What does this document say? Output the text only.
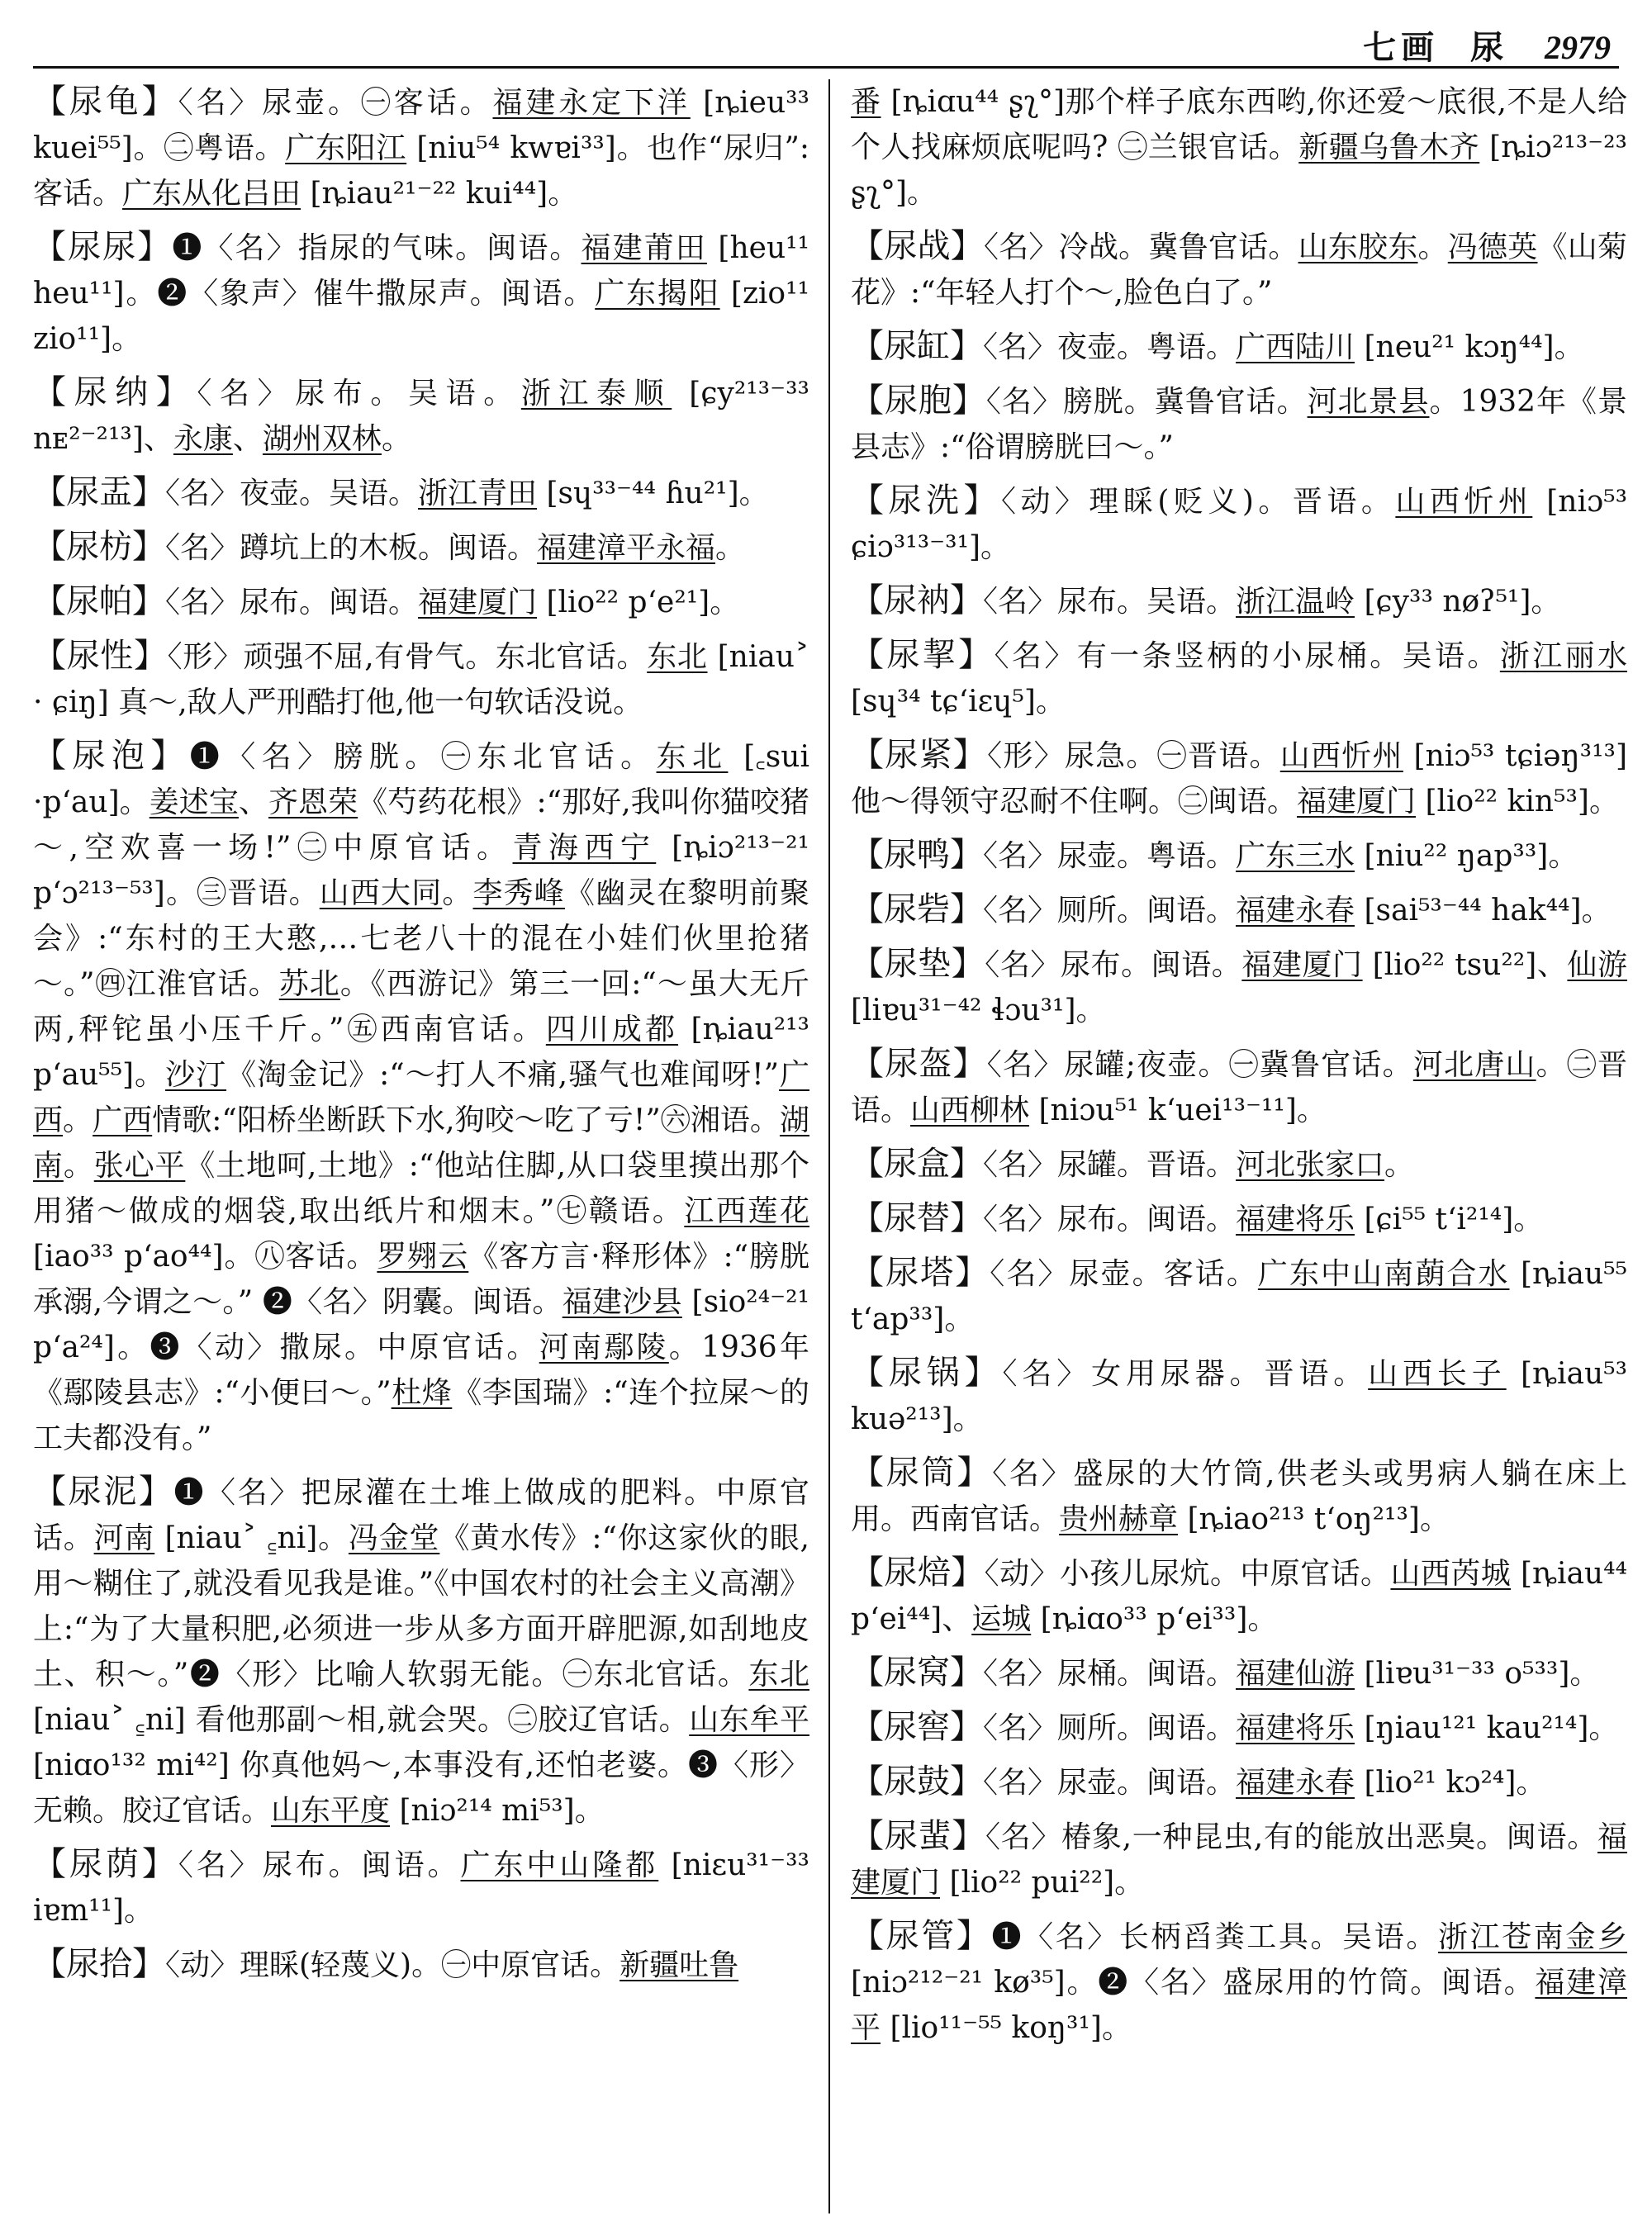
七画 尿 2979

【尿龟】〈名〉尿壶。㊀客话。福建永定下洋 [ȵieu³³ kuei⁵⁵]。㊁粤语。广东阳江 [niu⁵⁴ kwɐi³³]。也作“尿归”:客话。广东从化吕田 [ȵiau²¹⁻²² kui⁴⁴]。

【尿尿】❶〈名〉指尿的气味。闽语。福建莆田 [heu¹¹ heu¹¹]。❷〈象声〉催牛撒尿声。闽语。广东揭阳 [zio¹¹ zio¹¹]。

【尿纳】〈名〉尿布。吴语。浙江泰顺 [ɕy²¹³⁻³³ nᴇ²⁻²¹³]、永康、湖州双林。

【尿盂】〈名〉夜壶。吴语。浙江青田 [sɥ³³⁻⁴⁴ ɦu²¹]。

【尿枋】〈名〉蹲坑上的木板。闽语。福建漳平永福。

【尿帕】〈名〉尿布。闽语。福建厦门 [lio²² p‘e²¹]。

【尿性】〈形〉顽强不屈,有骨气。东北官话。东北 [niau˃ · ɕiŋ] 真～,敌人严刑酷打他,他一句软话没说。

【尿泡】❶〈名〉膀胱。㊀东北官话。东北 [꜀sui ·p‘au]。姜述宝、齐恩荣《芍药花根》:“那好,我叫你猫咬猪～,空欢喜一场!”㊁中原官话。青海西宁 [ȵiɔ²¹³⁻²¹ p‘ɔ²¹³⁻⁵³]。㊂晋语。山西大同。李秀峰《幽灵在黎明前聚会》:“东村的王大憨,…七老八十的混在小娃们伙里抢猪～。”㊃江淮官话。苏北。《西游记》第三一回:“～虽大无斤两,秤铊虽小压千斤。”㊄西南官话。四川成都 [ȵiau²¹³ p‘au⁵⁵]。沙汀《淘金记》:“～打人不痛,骚气也难闻呀!”广西。广西情歌:“阳桥坐断跃下水,狗咬～吃了亏!”㊅湘语。湖南。张心平《土地呵,土地》:“他站住脚,从口袋里摸出那个用猪～做成的烟袋,取出纸片和烟末。”㊆赣语。江西莲花 [iao³³ p‘ao⁴⁴]。㊇客话。罗翙云《客方言·释形体》:“膀胱承溺,今谓之～。” ❷〈名〉阴囊。闽语。福建沙县 [sio²⁴⁻²¹ p‘a²⁴]。❸〈动〉撒尿。中原官话。河南鄢陵。1936年《鄢陵县志》:“小便曰～。”杜烽《李国瑞》:“连个拉屎～的工夫都没有。”

【尿泥】❶〈名〉把尿灌在土堆上做成的肥料。中原官话。河南 [niau˃ ꜁ni]。冯金堂《黄水传》:“你这家伙的眼,用～糊住了,就没看见我是谁。”《中国农村的社会主义高潮》上:“为了大量积肥,必须进一步从多方面开辟肥源,如刮地皮土、积～。”❷〈形〉比喻人软弱无能。㊀东北官话。东北 [niau˃ ꜁ni] 看他那副～相,就会哭。㊁胶辽官话。山东牟平 [niɑo¹³² mi⁴²] 你真他妈～,本事没有,还怕老婆。❸〈形〉无赖。胶辽官话。山东平度 [niɔ²¹⁴ mi⁵³]。

【尿荫】〈名〉尿布。闽语。广东中山隆都 [niɛu³¹⁻³³ iɐm¹¹]。

【尿拾】〈动〉理睬(轻蔑义)。㊀中原官话。新疆吐鲁

番 [ȵiɑu⁴⁴ ʂʅ°]那个样子底东西哟,你还爱～底很,不是人给个人找麻烦底呢吗? ㊁兰银官话。新疆乌鲁木齐 [ȵiɔ²¹³⁻²³ ʂʅ°]。

【尿战】〈名〉冷战。冀鲁官话。山东胶东。冯德英《山菊花》:“年轻人打个～,脸色白了。”

【尿缸】〈名〉夜壶。粤语。广西陆川 [neu²¹ kɔŋ⁴⁴]。

【尿胞】〈名〉膀胱。冀鲁官话。河北景县。1932年《景县志》:“俗谓膀胱曰～。”

【尿洗】〈动〉理睬(贬义)。晋语。山西忻州 [niɔ⁵³ ɕiɔ³¹³⁻³¹]。

【尿衲】〈名〉尿布。吴语。浙江温岭 [ɕy³³ nøʔ⁵¹]。

【尿挈】〈名〉有一条竖柄的小尿桶。吴语。浙江丽水 [sɥ³⁴ tɕ‘iɛɥ⁵]。

【尿紧】〈形〉尿急。㊀晋语。山西忻州 [niɔ⁵³ tɕiəŋ³¹³] 他～得领守忍耐不住啊。㊁闽语。福建厦门 [lio²² kin⁵³]。

【尿鸭】〈名〉尿壶。粤语。广东三水 [niu²² ŋap³³]。

【尿砦】〈名〉厕所。闽语。福建永春 [sai⁵³⁻⁴⁴ hak⁴⁴]。

【尿垫】〈名〉尿布。闽语。福建厦门 [lio²² tsu²²]、仙游 [liɐu³¹⁻⁴² ɬɔu³¹]。

【尿盔】〈名〉尿罐;夜壶。㊀冀鲁官话。河北唐山。㊁晋语。山西柳林 [niɔu⁵¹ k‘uei¹³⁻¹¹]。

【尿盒】〈名〉尿罐。晋语。河北张家口。

【尿替】〈名〉尿布。闽语。福建将乐 [ɕi⁵⁵ t‘i²¹⁴]。

【尿塔】〈名〉尿壶。客话。广东中山南蓢合水 [ȵiau⁵⁵ t‘ap³³]。

【尿锅】〈名〉女用尿器。晋语。山西长子 [ȵiau⁵³ kuə²¹³]。

【尿筒】〈名〉盛尿的大竹筒,供老头或男病人躺在床上用。西南官话。贵州赫章 [ȵiao²¹³ t‘oŋ²¹³]。

【尿焙】〈动〉小孩儿尿炕。中原官话。山西芮城 [ȵiau⁴⁴ p‘ei⁴⁴]、运城 [ȵiɑo³³ p‘ei³³]。

【尿窝】〈名〉尿桶。闽语。福建仙游 [liɐu³¹⁻³³ o⁵³³]。

【尿窖】〈名〉厕所。闽语。福建将乐 [ŋiau¹²¹ kau²¹⁴]。

【尿鼓】〈名〉尿壶。闽语。福建永春 [lio²¹ kɔ²⁴]。

【尿蜚】〈名〉椿象,一种昆虫,有的能放出恶臭。闽语。福建厦门 [lio²² pui²²]。

【尿管】❶〈名〉长柄舀粪工具。吴语。浙江苍南金乡 [niɔ²¹²⁻²¹ kø³⁵]。❷〈名〉盛尿用的竹筒。闽语。福建漳平 [lio¹¹⁻⁵⁵ koŋ³¹]。
